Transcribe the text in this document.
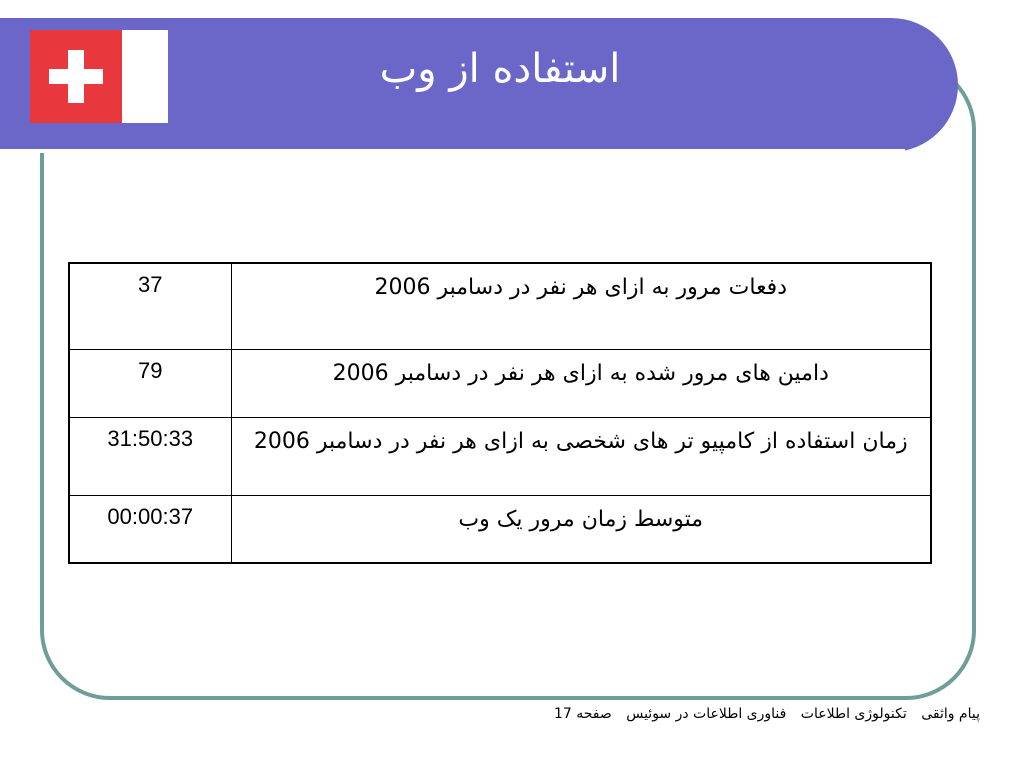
استفاده از وب
37	دفعات مرور به ازای هر نفر در دسامبر 2006
79	دامین های مرور شده به ازای هر نفر در دسامبر 2006
31:50:33	زمان استفاده از کامپیو تر های شخصی به ازای هر نفر در دسامبر 2006
00:00:37	متوسط زمان مرور یک وب
پیام واثقی تکنولوژی اطلاعات فناوری اطلاعات در سوئیس صفحه 17
